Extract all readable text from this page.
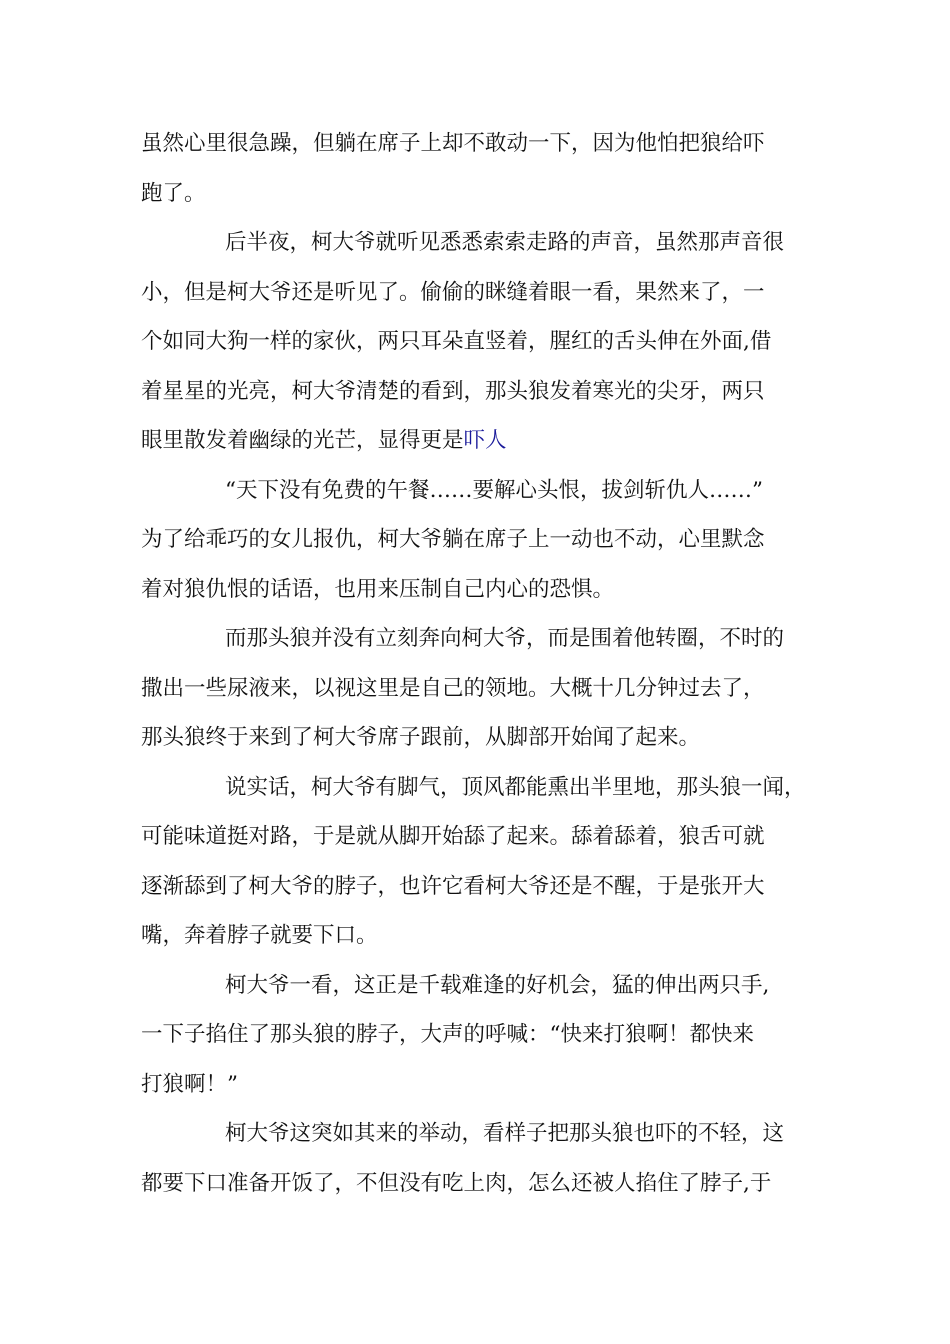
虽然心里很急躁，但躺在席子上却不敢动一下，因为他怕把狼给吓
跑了。
后半夜，柯大爷就听见悉悉索索走路的声音，虽然那声音很
小，但是柯大爷还是听见了。偷偷的眯缝着眼一看，果然来了，一
个如同大狗一样的家伙，两只耳朵直竖着，腥红的舌头伸在外面,借
着星星的光亮，柯大爷清楚的看到，那头狼发着寒光的尖牙，两只
眼里散发着幽绿的光芒，显得更是吓人
“天下没有免费的午餐……要解心头恨，拔剑斩仇人……”
为了给乖巧的女儿报仇，柯大爷躺在席子上一动也不动，心里默念
着对狼仇恨的话语，也用来压制自己内心的恐惧。
而那头狼并没有立刻奔向柯大爷，而是围着他转圈，不时的
撒出一些尿液来，以视这里是自己的领地。大概十几分钟过去了，
那头狼终于来到了柯大爷席子跟前，从脚部开始闻了起来。
说实话，柯大爷有脚气，顶风都能熏出半里地，那头狼一闻，
可能味道挺对路，于是就从脚开始舔了起来。舔着舔着，狼舌可就
逐渐舔到了柯大爷的脖子，也许它看柯大爷还是不醒，于是张开大
嘴，奔着脖子就要下口。
柯大爷一看，这正是千载难逢的好机会，猛的伸出两只手,
一下子掐住了那头狼的脖子，大声的呼喊：“快来打狼啊！都快来
打狼啊！”
柯大爷这突如其来的举动，看样子把那头狼也吓的不轻，这
都要下口准备开饭了，不但没有吃上肉，怎么还被人掐住了脖子,于
